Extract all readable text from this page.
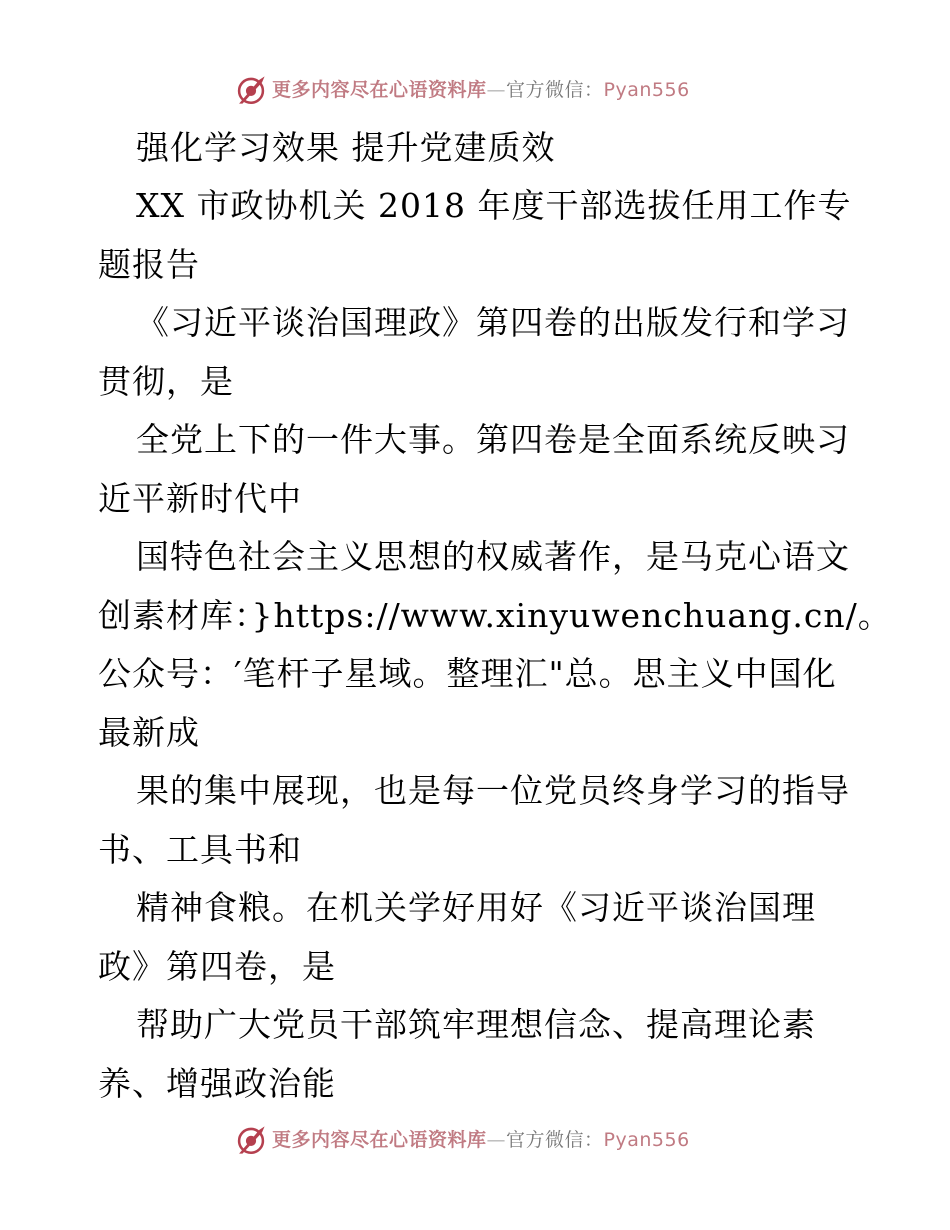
更多内容尽在心语资料库 — 官方微信： Pyan556
强化学习效果 提升党建质效
XX 市政协机关 2018 年度干部选拔任用工作专
题报告
《习近平谈治国理政》第四卷的出版发行和学习
贯彻，是
全党上下的一件大事。第四卷是全面系统反映习
近平新时代中
国特色社会主义思想的权威著作，是马克心语文
创素材库：}https://www.xinyuwenchuang.cn/。
公众号：′笔杆子星域。整理汇"总。思主义中国化
最新成
果的集中展现，也是每一位党员终身学习的指导
书、工具书和
精神食粮。在机关学好用好《习近平谈治国理
政》第四卷，是
帮助广大党员干部筑牢理想信念、提高理论素
养、增强政治能
更多内容尽在心语资料库 — 官方微信： Pyan556
